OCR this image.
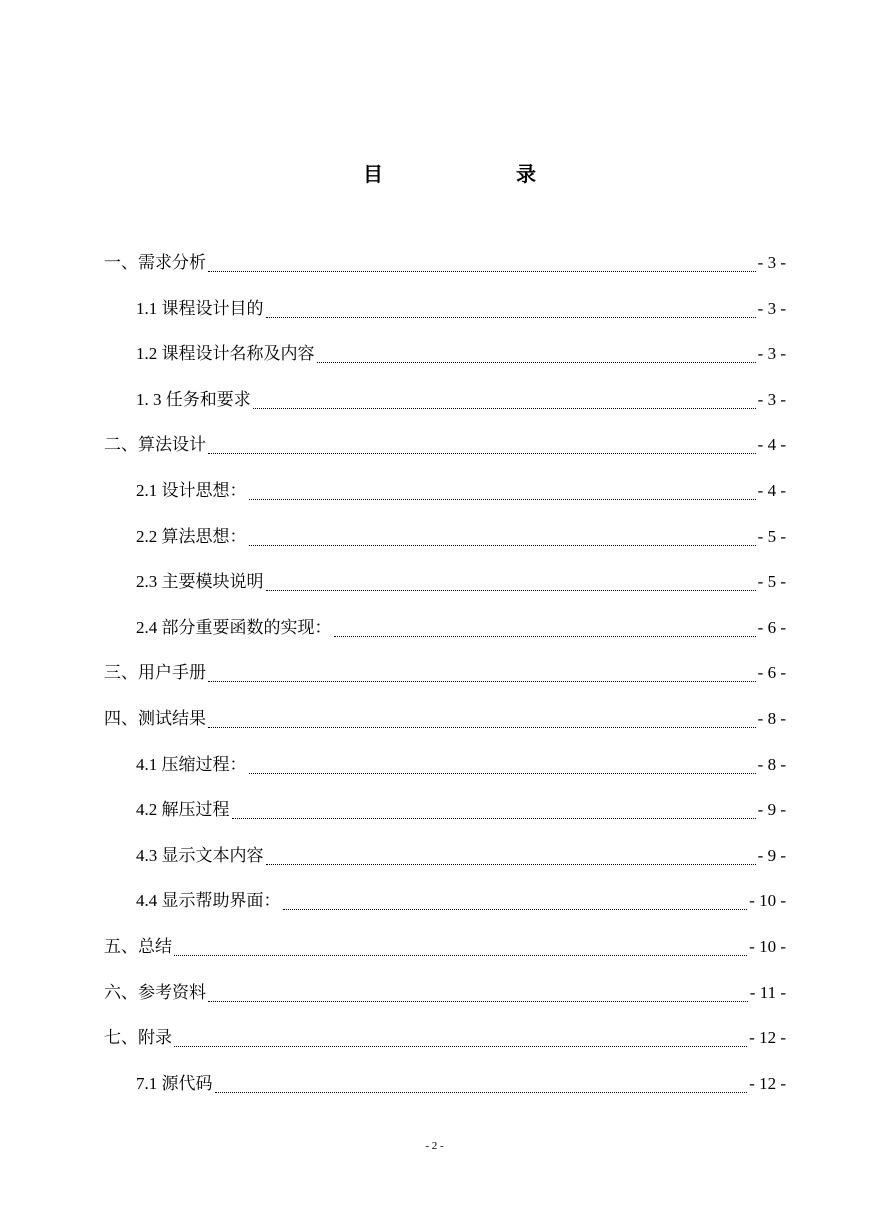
目	录
一、需求分析	- 3 -
1.1 课程设计目的	- 3 -
1.2 课程设计名称及内容	- 3 -
1. 3 任务和要求	- 3 -
二、算法设计	- 4 -
2.1 设计思想：	- 4 -
2.2 算法思想：	- 5 -
2.3 主要模块说明	- 5 -
2.4 部分重要函数的实现：	- 6 -
三、用户手册	- 6 -
四、测试结果	- 8 -
4.1 压缩过程：	- 8 -
4.2 解压过程	- 9 -
4.3 显示文本内容	- 9 -
4.4 显示帮助界面：	- 10 -
五、总结	- 10 -
六、参考资料	- 11 -
七、附录	- 12 -
7.1 源代码	- 12 -
- 2 -
